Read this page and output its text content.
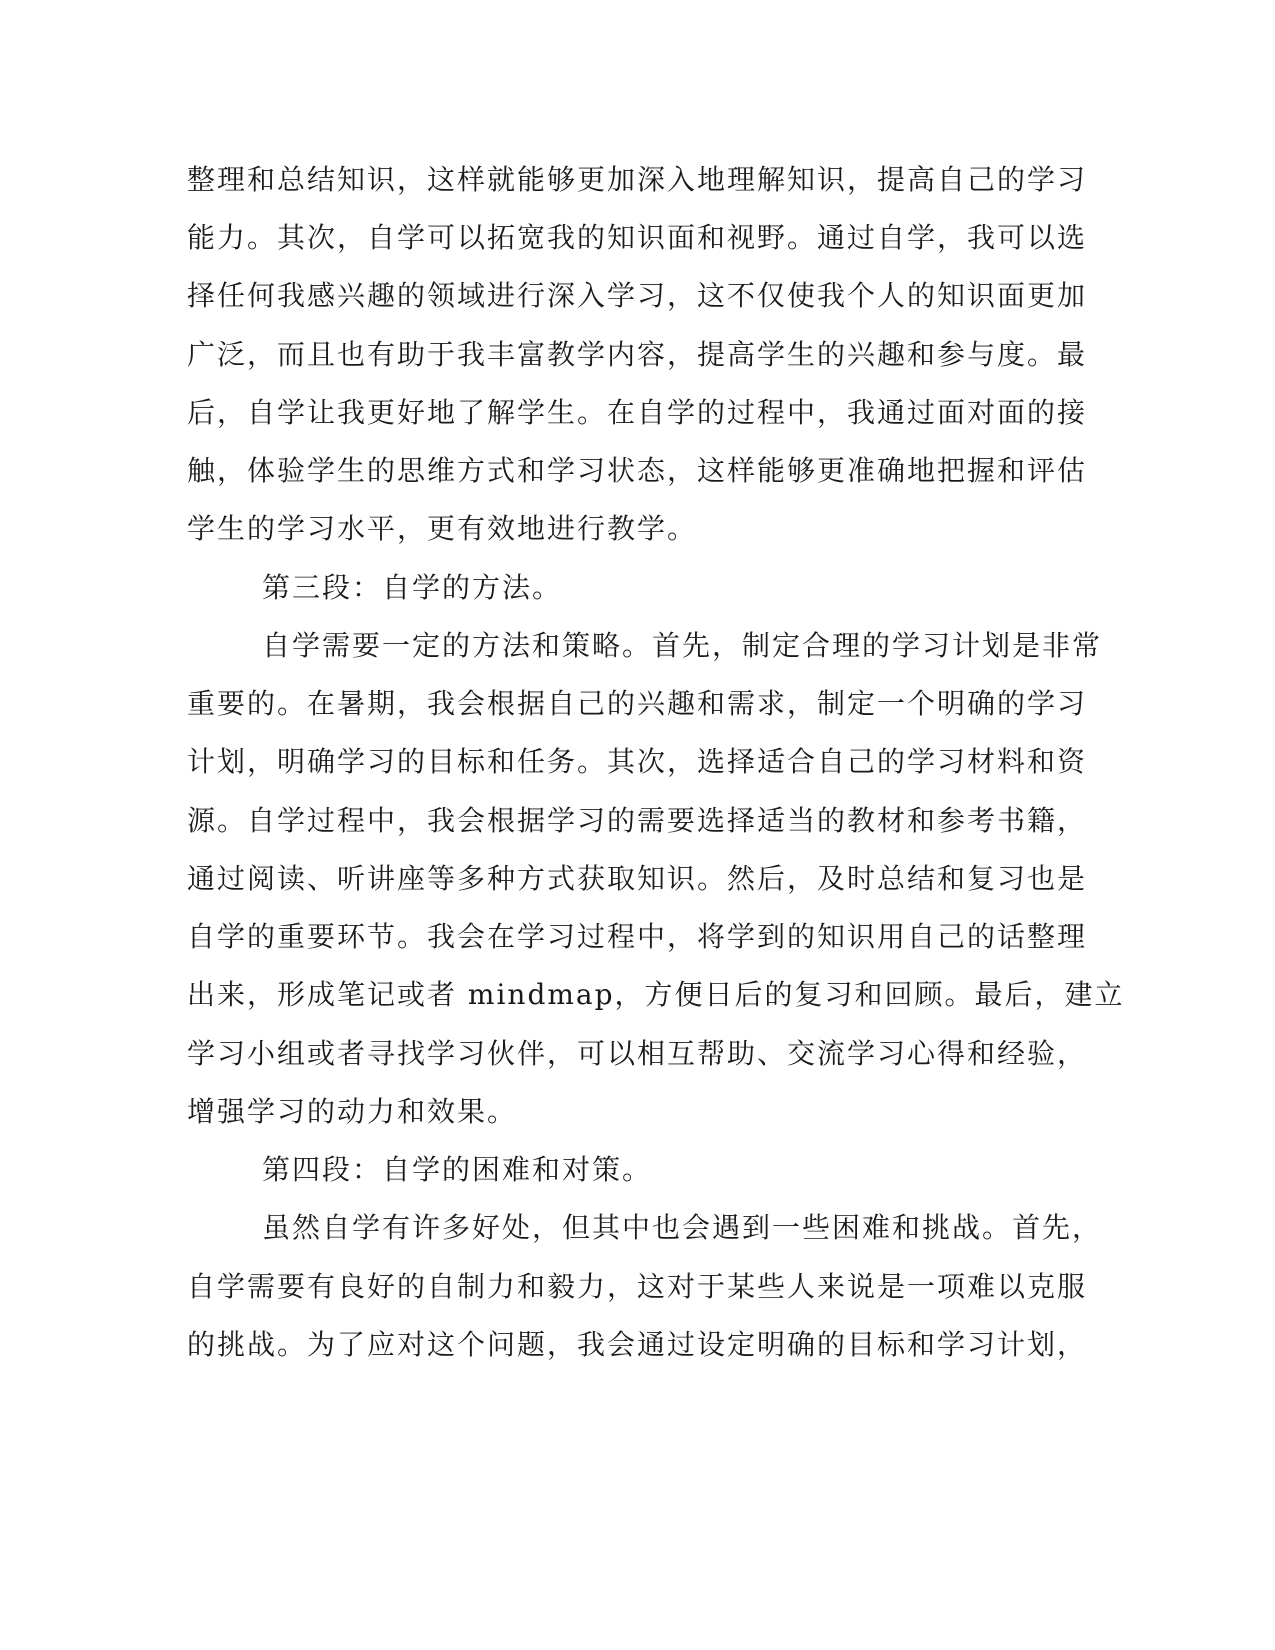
整理和总结知识，这样就能够更加深入地理解知识，提高自己的学习
能力。其次，自学可以拓宽我的知识面和视野。通过自学，我可以选
择任何我感兴趣的领域进行深入学习，这不仅使我个人的知识面更加
广泛，而且也有助于我丰富教学内容，提高学生的兴趣和参与度。最
后，自学让我更好地了解学生。在自学的过程中，我通过面对面的接
触，体验学生的思维方式和学习状态，这样能够更准确地把握和评估
学生的学习水平，更有效地进行教学。
第三段：自学的方法。
自学需要一定的方法和策略。首先，制定合理的学习计划是非常
重要的。在暑期，我会根据自己的兴趣和需求，制定一个明确的学习
计划，明确学习的目标和任务。其次，选择适合自己的学习材料和资
源。自学过程中，我会根据学习的需要选择适当的教材和参考书籍，
通过阅读、听讲座等多种方式获取知识。然后，及时总结和复习也是
自学的重要环节。我会在学习过程中，将学到的知识用自己的话整理
出来，形成笔记或者 mindmap，方便日后的复习和回顾。最后，建立
学习小组或者寻找学习伙伴，可以相互帮助、交流学习心得和经验，
增强学习的动力和效果。
第四段：自学的困难和对策。
虽然自学有许多好处，但其中也会遇到一些困难和挑战。首先，
自学需要有良好的自制力和毅力，这对于某些人来说是一项难以克服
的挑战。为了应对这个问题，我会通过设定明确的目标和学习计划，
